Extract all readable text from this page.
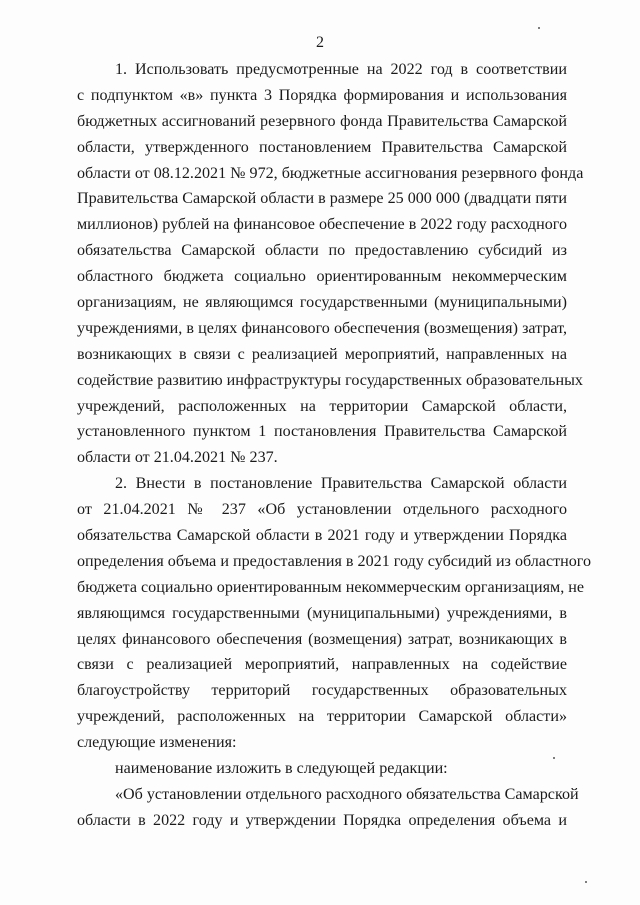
2
1. Использовать предусмотренные на 2022 год в соответствии
с подпунктом «в» пункта 3 Порядка формирования и использования
бюджетных ассигнований резервного фонда Правительства Самарской
области, утвержденного постановлением Правительства Самарской
области от 08.12.2021 № 972, бюджетные ассигнования резервного фонда
Правительства Самарской области в размере 25 000 000 (двадцати пяти
миллионов) рублей на финансовое обеспечение в 2022 году расходного
обязательства Самарской области по предоставлению субсидий из
областного бюджета социально ориентированным некоммерческим
организациям, не являющимся государственными (муниципальными)
учреждениями, в целях финансового обеспечения (возмещения) затрат,
возникающих в связи с реализацией мероприятий, направленных на
содействие развитию инфраструктуры государственных образовательных
учреждений, расположенных на территории Самарской области,
установленного пунктом 1 постановления Правительства Самарской
области от 21.04.2021 № 237.
2. Внести в постановление Правительства Самарской области
от 21.04.2021 № 237 «Об установлении отдельного расходного
обязательства Самарской области в 2021 году и утверждении Порядка
определения объема и предоставления в 2021 году субсидий из областного
бюджета социально ориентированным некоммерческим организациям, не
являющимся государственными (муниципальными) учреждениями, в
целях финансового обеспечения (возмещения) затрат, возникающих в
связи с реализацией мероприятий, направленных на содействие
благоустройству территорий государственных образовательных
учреждений, расположенных на территории Самарской области»
следующие изменения:
наименование изложить в следующей редакции:
«Об установлении отдельного расходного обязательства Самарской
области в 2022 году и утверждении Порядка определения объема и
